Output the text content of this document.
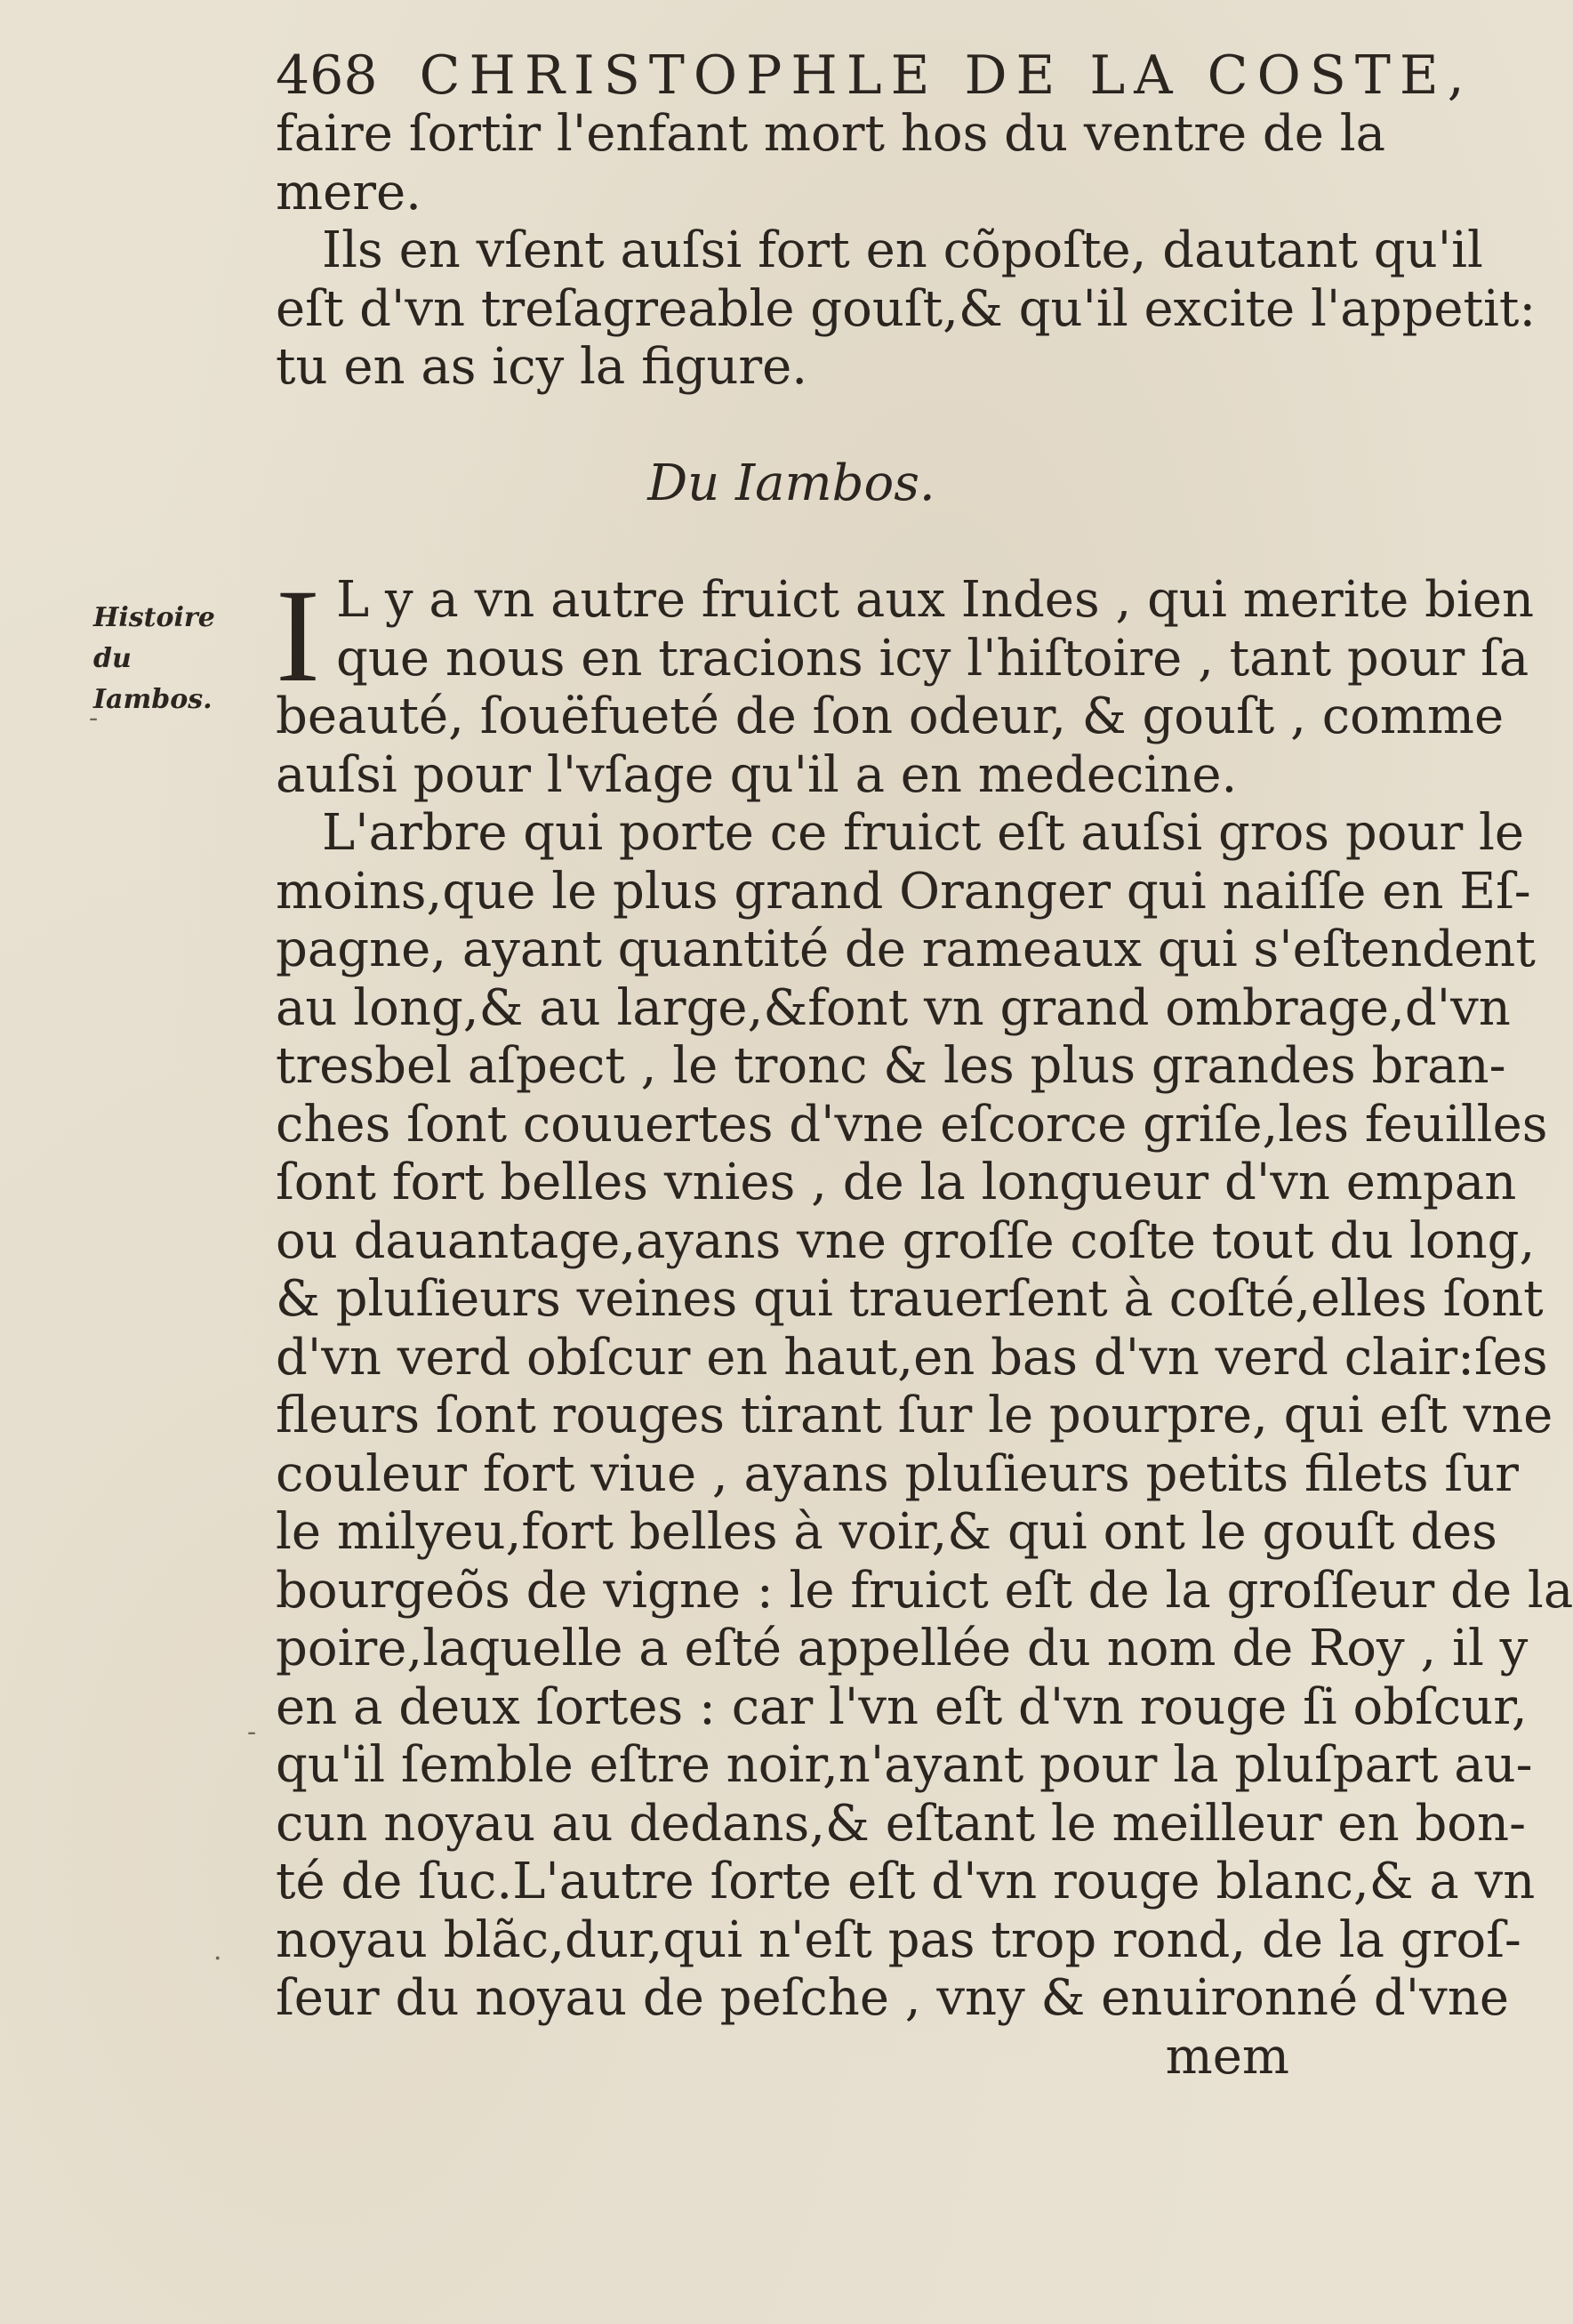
468 CHRISTOPHLE DE LA COSTE,
Histoire du
Iambos. I
faire ſortir l'enfant mort hos du ventre de la
mere.
Ils en vſent auſsi fort en cõpoſte, dautant qu'il
eſt d'vn treſagreable gouſt,& qu'il excite l'appetit:
tu en as icy la figure.
Du Iambos.
L y a vn autre fruict aux Indes , qui merite bien
que nous en tracions icy l'hiſtoire , tant pour ſa
beauté, ſouëfueté de ſon odeur, & gouſt , comme
auſsi pour l'vſage qu'il a en medecine.
L'arbre qui porte ce fruict eſt auſsi gros pour le
moins,que le plus grand Oranger qui naiſſe en Eſ-
pagne, ayant quantité de rameaux qui s'eſtendent
au long,& au large,&font vn grand ombrage,d'vn
tresbel aſpect , le tronc & les plus grandes bran-
ches ſont couuertes d'vne eſcorce griſe,les feuilles
ſont fort belles vnies , de la longueur d'vn empan
ou dauantage,ayans vne groſſe coſte tout du long,
& pluſieurs veines qui trauerſent à coſté,elles ſont
d'vn verd obſcur en haut,en bas d'vn verd clair:ſes
fleurs ſont rouges tirant ſur le pourpre, qui eſt vne
couleur fort viue , ayans pluſieurs petits filets ſur
le milyeu,fort belles à voir,& qui ont le gouſt des
bourgeõs de vigne : le fruict eſt de la groſſeur de la
poire,laquelle a eſté appellée du nom de Roy , il y
en a deux ſortes : car l'vn eſt d'vn rouge ſi obſcur,
qu'il ſemble eſtre noir,n'ayant pour la pluſpart au-
cun noyau au dedans,& eſtant le meilleur en bon-
té de ſuc.L'autre ſorte eſt d'vn rouge blanc,& a vn
noyau blãc,dur,qui n'eſt pas trop rond, de la groſ-
ſeur du noyau de peſche , vny & enuironné d'vne
mem
-
-
·
